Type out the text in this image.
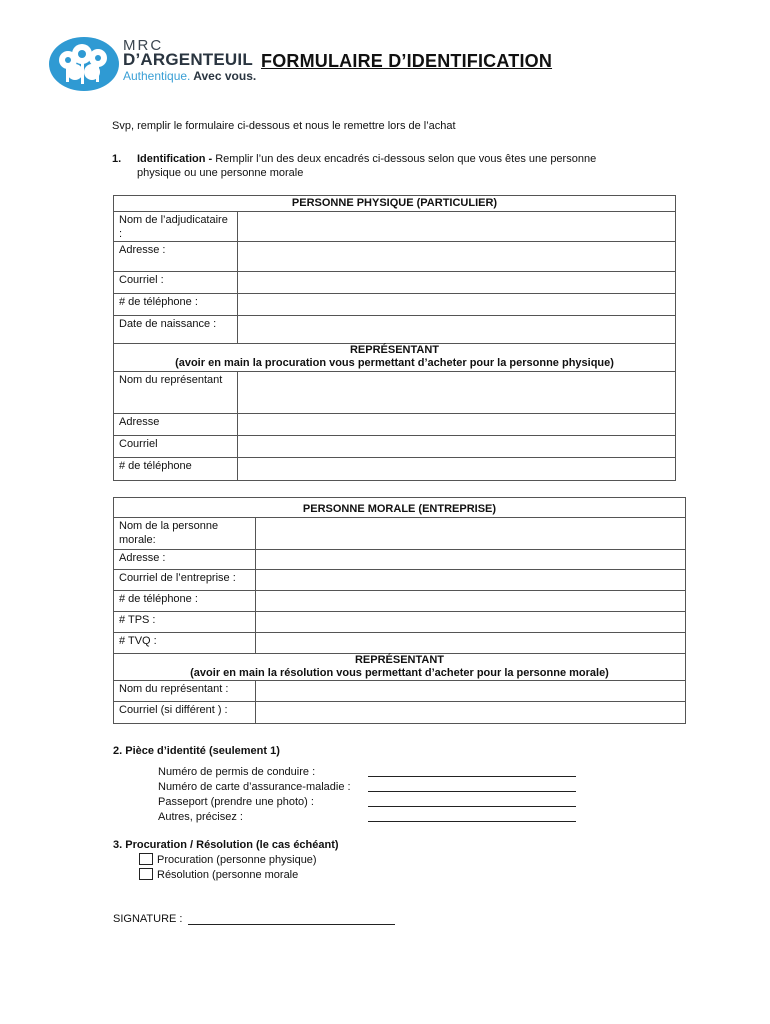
MRC
D’ARGENTEUIL
Authentique. Avec vous.
FORMULAIRE D’IDENTIFICATION
Svp, remplir le formulaire ci-dessous et nous le remettre lors de l’achat
1. Identification - Remplir l’un des deux encadrés ci-dessous selon que vous êtes une personne
physique ou une personne morale
PERSONNE PHYSIQUE (PARTICULIER)	
Nom de l’adjudicataire :	
Adresse :	
Courriel :	
# de téléphone :	
Date de naissance :	

REPRÉSENTANT
(avoir en main la procuration vous permettant d’acheter pour la personne physique)	

Nom du représentant	
Adresse	
Courriel	
# de téléphone	
PERSONNE MORALE (ENTREPRISE)	
Nom de la personne morale:	
Adresse :	
Courriel de l’entreprise :	
# de téléphone :	
# TPS :	
# TVQ :	

REPRÉSENTANT
(avoir en main la résolution vous permettant d’acheter pour la personne morale)	

Nom du représentant :	
Courriel (si différent ) :	
2. Pièce d’identité (seulement 1)
Numéro de permis de conduire :
Numéro de carte d’assurance-maladie :
Passeport (prendre une photo) :
Autres, précisez :
3. Procuration / Résolution (le cas échéant)
Procuration (personne physique)
Résolution (personne morale
SIGNATURE :
